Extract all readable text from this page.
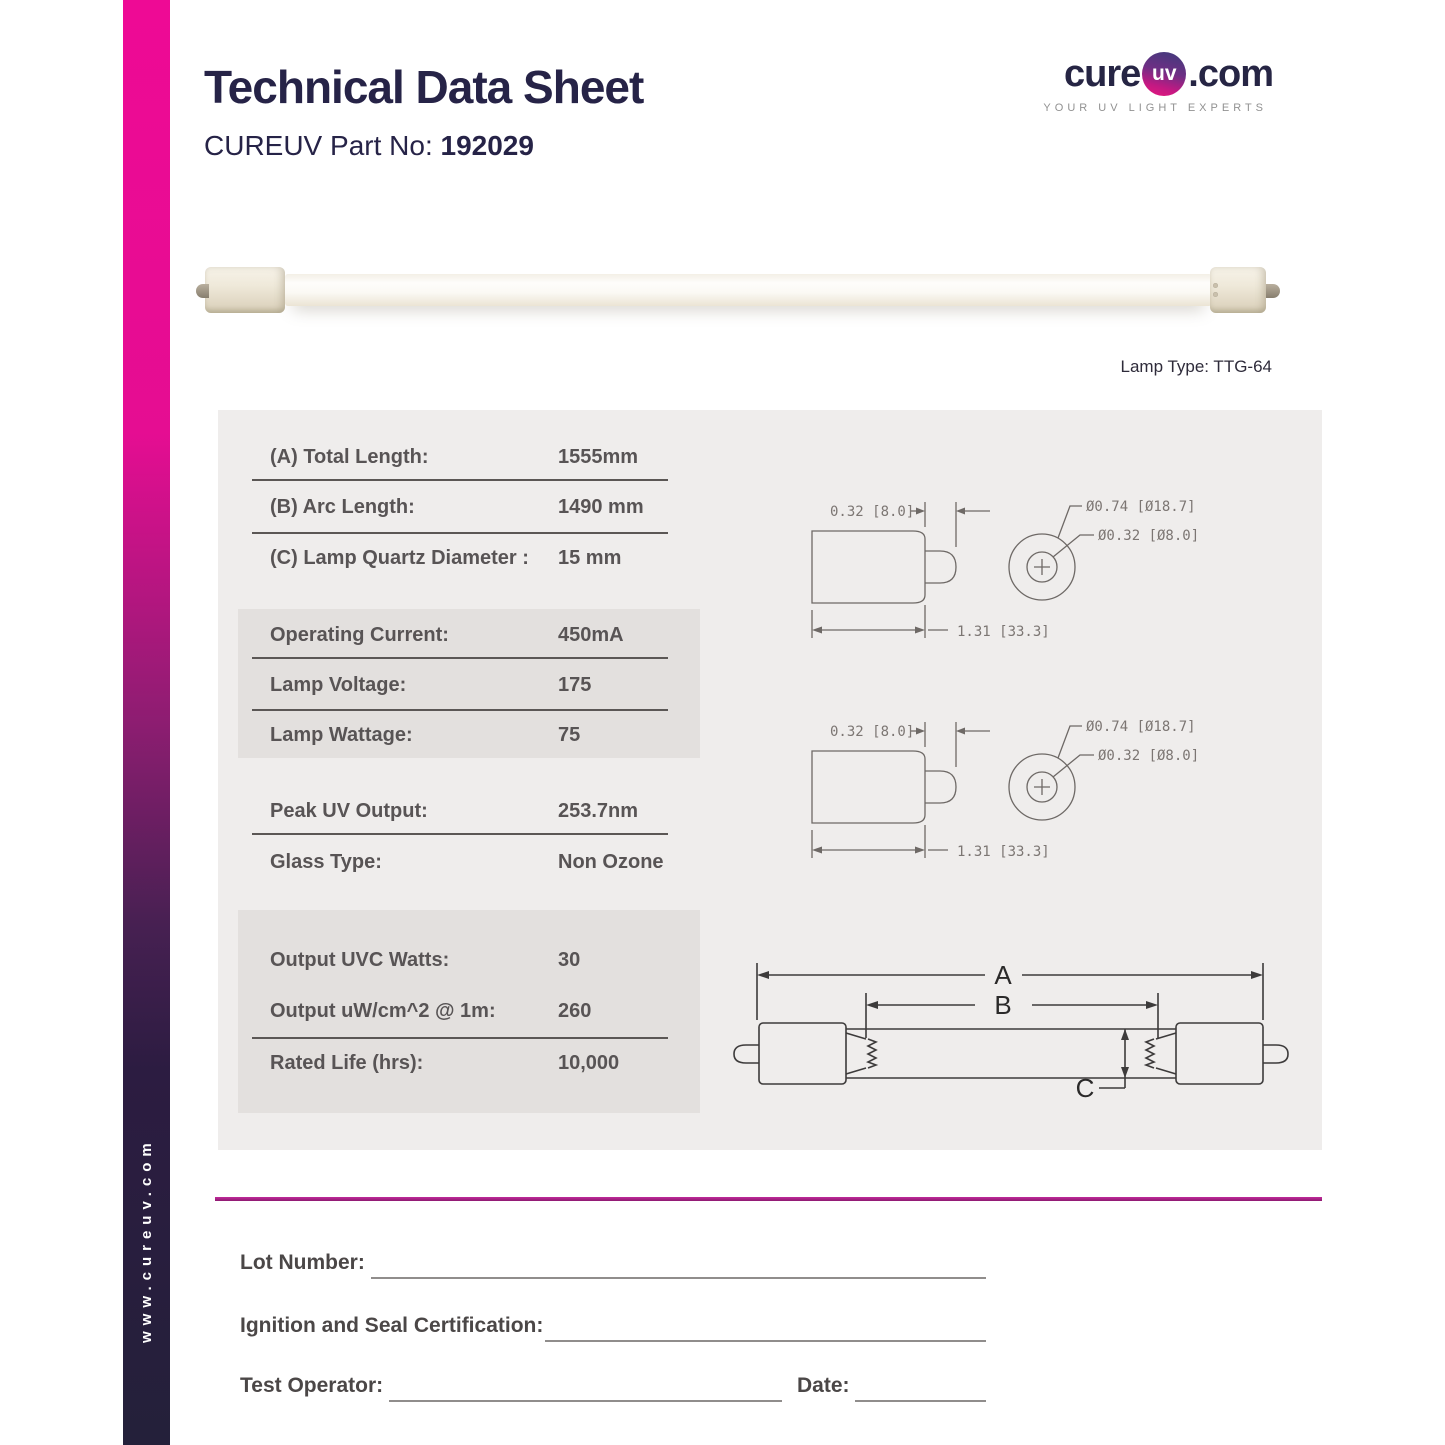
www.cureuv.com
Technical Data Sheet
CUREUV Part No: 192029
cure uv .com
YOUR UV LIGHT EXPERTS
Lamp Type: TTG-64
(A) Total Length:	1555mm
(B) Arc Length:	1490 mm
(C) Lamp Quartz Diameter :	15 mm
Operating Current:	450mA
Lamp Voltage:	175
Lamp Wattage:	75
Peak UV Output:	253.7nm
Glass Type:	Non Ozone
Output UVC Watts:	30
Output uW/cm^2 @ 1m:	260
Rated Life (hrs):	10,000
0.32 [8.0]
1.31 [33.3]
Ø0.74 [Ø18.7]
Ø0.32 [Ø8.0]
0.32 [8.0]
1.31 [33.3]
Ø0.74 [Ø18.7]
Ø0.32 [Ø8.0]
A
B
C
Lot Number:
Ignition and Seal Certification:
Test Operator:	Date:
